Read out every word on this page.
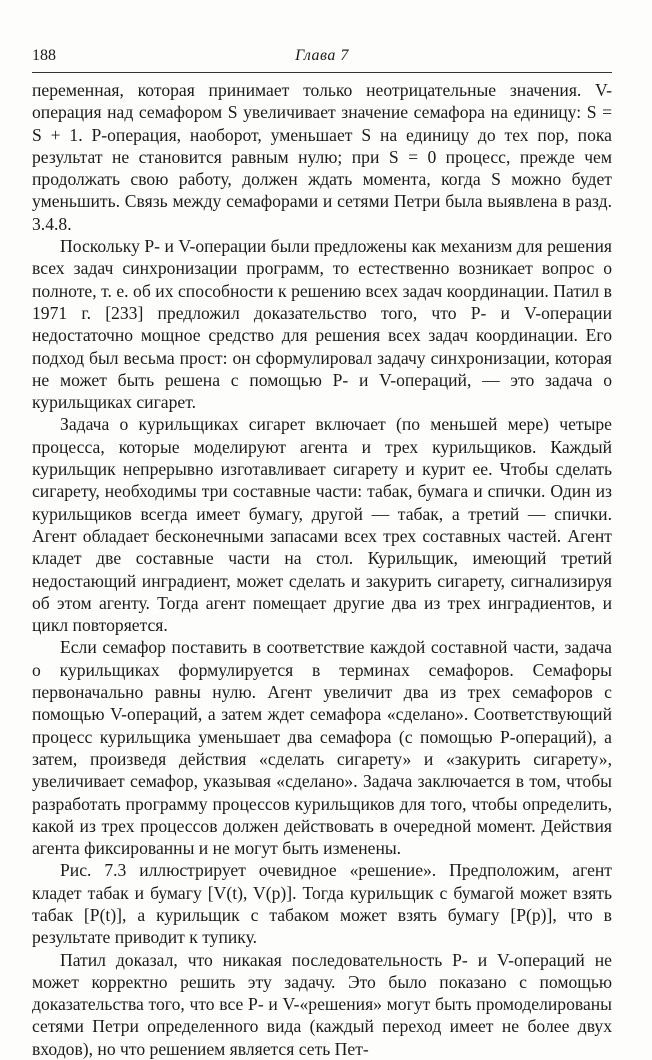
188	Глава 7

переменная, которая принимает только неотрицательные значения. V-операция над семафором S увеличивает значение семафора на единицу: S = S + 1. P-операция, наоборот, уменьшает S на единицу до тех пор, пока результат не становится равным нулю; при S = 0 процесс, прежде чем продолжать свою работу, должен ждать момента, когда S можно будет уменьшить. Связь между семафорами и сетями Петри была выявлена в разд. 3.4.8.

Поскольку P- и V-операции были предложены как механизм для решения всех задач синхронизации программ, то естественно возникает вопрос о полноте, т. е. об их способности к решению всех задач координации. Патил в 1971 г. [233] предложил доказательство того, что P- и V-операции недостаточно мощное средство для решения всех задач координации. Его подход был весьма прост: он сформулировал задачу синхронизации, которая не может быть решена с помощью P- и V-операций, — это задача о курильщиках сигарет.

Задача о курильщиках сигарет включает (по меньшей мере) четыре процесса, которые моделируют агента и трех курильщиков. Каждый курильщик непрерывно изготавливает сигарету и курит ее. Чтобы сделать сигарету, необходимы три составные части: табак, бумага и спички. Один из курильщиков всегда имеет бумагу, другой — табак, а третий — спички. Агент обладает бесконечными запасами всех трех составных частей. Агент кладет две составные части на стол. Курильщик, имеющий третий недостающий инградиент, может сделать и закурить сигарету, сигнализируя об этом агенту. Тогда агент помещает другие два из трех инградиентов, и цикл повторяется.

Если семафор поставить в соответствие каждой составной части, задача о курильщиках формулируется в терминах семафоров. Семафоры первоначально равны нулю. Агент увеличит два из трех семафоров с помощью V-операций, а затем ждет семафора «сделано». Соответствующий процесс курильщика уменьшает два семафора (с помощью P-операций), а затем, произведя действия «сделать сигарету» и «закурить сигарету», увеличивает семафор, указывая «сделано». Задача заключается в том, чтобы разработать программу процессов курильщиков для того, чтобы определить, какой из трех процессов должен действовать в очередной момент. Действия агента фиксированны и не могут быть изменены.

Рис. 7.3 иллюстрирует очевидное «решение». Предположим, агент кладет табак и бумагу [V(t), V(p)]. Тогда курильщик с бумагой может взять табак [P(t)], а курильщик с табаком может взять бумагу [P(p)], что в результате приводит к тупику.

Патил доказал, что никакая последовательность P- и V-операций не может корректно решить эту задачу. Это было показано с помощью доказательства того, что все P- и V-«решения» могут быть промоделированы сетями Петри определенного вида (каждый переход имеет не более двух входов), но что решением является сеть Пет-
